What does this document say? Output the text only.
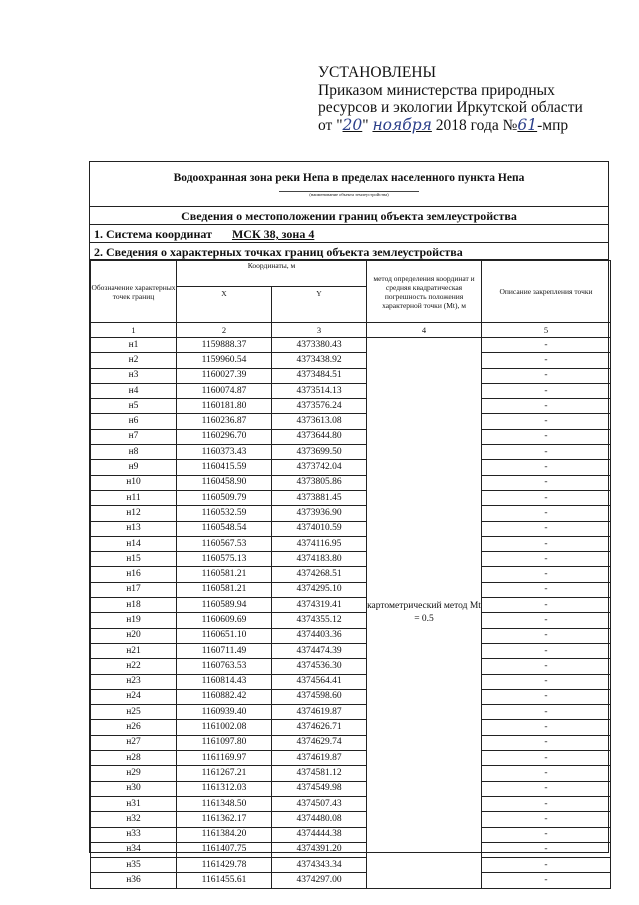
УСТАНОВЛЕНЫ
Приказом министерства природных
ресурсов и экологии Иркутской области
от "20" ноября 2018 года №61-мпр
Водоохранная зона реки Непа в пределах населенного пункта Непа
(наименование объекта землеустройства)
Сведения о местоположении границ объекта землеустройства
1. Система координат МСК 38, зона 4
2. Сведения о характерных точках границ объекта землеустройства
Обозначение характерных точек границ	Координаты, м		метод определения координат и средняя квадратическая погрешность положения характерной точки (Mt), м	Описание закрепления точки
	X	Y		
1	2	3	4	5
н1	1159888.37	4373380.43	картометрический метод Mt = 0.5	-
н2	1159960.54	4373438.92		-
н3	1160027.39	4373484.51		-
н4	1160074.87	4373514.13		-
н5	1160181.80	4373576.24		-
н6	1160236.87	4373613.08		-
н7	1160296.70	4373644.80		-
н8	1160373.43	4373699.50		-
н9	1160415.59	4373742.04		-
н10	1160458.90	4373805.86		-
н11	1160509.79	4373881.45		-
н12	1160532.59	4373936.90		-
н13	1160548.54	4374010.59		-
н14	1160567.53	4374116.95		-
н15	1160575.13	4374183.80		-
н16	1160581.21	4374268.51		-
н17	1160581.21	4374295.10		-
н18	1160589.94	4374319.41		-
н19	1160609.69	4374355.12		-
н20	1160651.10	4374403.36		-
н21	1160711.49	4374474.39		-
н22	1160763.53	4374536.30		-
н23	1160814.43	4374564.41		-
н24	1160882.42	4374598.60		-
н25	1160939.40	4374619.87		-
н26	1161002.08	4374626.71		-
н27	1161097.80	4374629.74		-
н28	1161169.97	4374619.87		-
н29	1161267.21	4374581.12		-
н30	1161312.03	4374549.98		-
н31	1161348.50	4374507.43		-
н32	1161362.17	4374480.08		-
н33	1161384.20	4374444.38		-
н34	1161407.75	4374391.20		-
н35	1161429.78	4374343.34		-
н36	1161455.61	4374297.00		-
